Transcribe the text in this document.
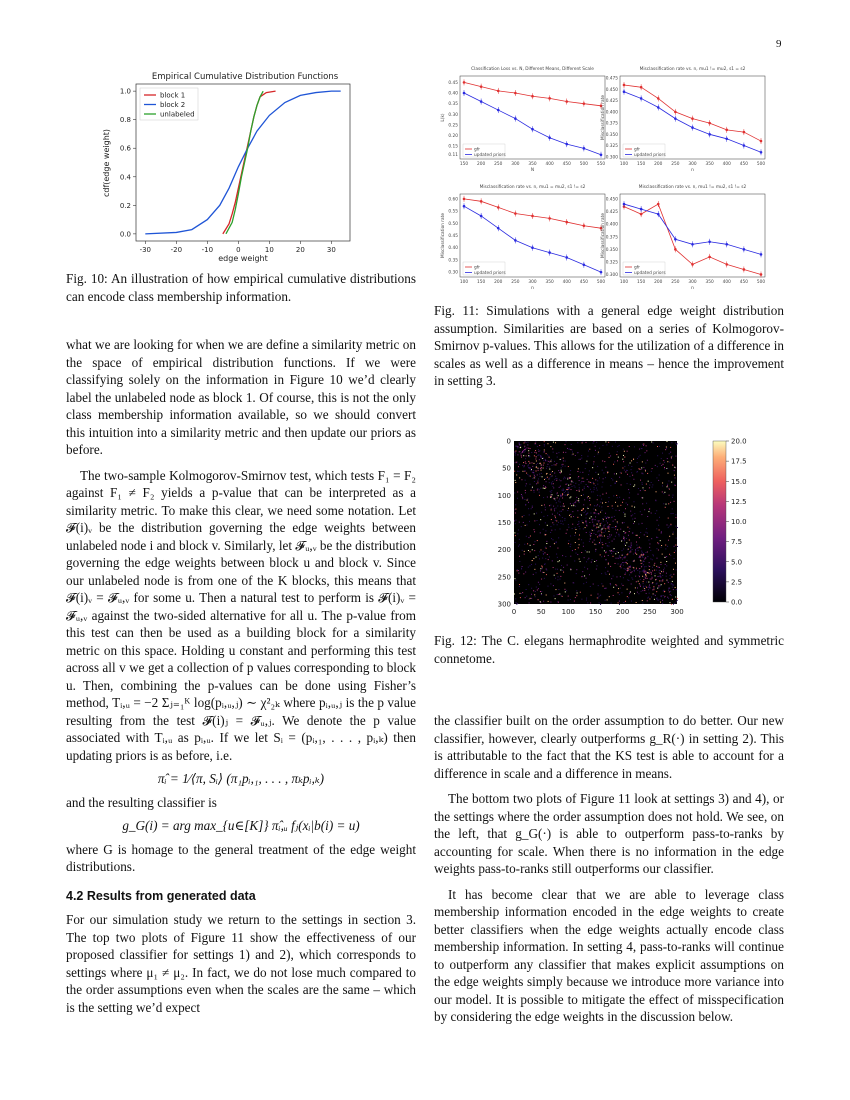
9
Empirical Cumulative Distribution Functions
-30	-20	-10	0	10	20	30
0.0
0.2
0.4
0.6
0.8
1.0	block 1
block 2
unlabeled
edge weight
cdf(edge weight)
Fig. 10: An illustration of how empirical cumulative distributions can encode class membership information.
Classification Loss vs. N, Different Means, Different Scale
150 200 250 300 350 400 450 500 550
0.11
0.15
0.20
0.25
0.30
0.35
0.40
0.45
N
L(k)
gfr
updated priors
Misclassification rate vs. n, mu1 != mu2, s1 = s2
100 150 200 250 300 350 400 450 500
0.300
0.325
0.350
0.375
0.400
0.425
0.450
0.475
n
Misclassification rate
gfr
updated priors
Misclassification rate vs. n, mu1 = mu2, s1 != s2
100 150 200 250 300 350 400 450 500
0.30
0.35
0.40
0.45
0.50
0.55
0.60
n
Misclassification rate
gfr
updated priors
Misclassification rate vs. n, mu1 != mu2, s1 != s2
100 150 200 250 300 350 400 450 500
0.300
0.325
0.350
0.375
0.400
0.425
0.450
n
Misclassification rate
gfr
updated priors
Fig. 11: Simulations with a general edge weight distribution assumption. Similarities are based on a series of Kolmogorov-Smirnov p-values. This allows for the utilization of a difference in scales as well as a difference in means – hence the improvement in setting 3.
0	50 100 150 200 250 300
0
50
100
150
200
250
300
20.0
17.5
15.0
12.5
10.0
7.5
5.0
2.5
0.0
Fig. 12: The C. elegans hermaphrodite weighted and symmetric connetome.

what we are looking for when we are define a similarity metric on the space of empirical distribution functions. If we were classifying solely on the information in Figure 10 we’d clearly label the unlabeled node as block 1. Of course, this is not the only class membership information available, so we should convert this intuition into a similarity metric and then update our priors as before.

The two-sample Kolmogorov-Smirnov test, which tests F₁ = F₂ against F₁ ≠ F₂ yields a p-value that can be interpreted as a similarity metric. To make this clear, we need some notation. Let 𝓕(i)ᵥ be the distribution governing the edge weights between unlabeled node i and block v. Similarly, let 𝓕ᵤ,ᵥ be the distribution governing the edge weights between block u and block v. Since our unlabeled node is from one of the K blocks, this means that 𝓕(i)ᵥ = 𝓕ᵤ,ᵥ for some u. Then a natural test to perform is 𝓕(i)ᵥ = 𝓕ᵤ,ᵥ against the two-sided alternative for all u. The p-value from this test can then be used as a building block for a similarity metric on this space. Holding u constant and performing this test across all v we get a collection of p values corresponding to block u. Then, combining the p-values can be done using Fisher’s method, Tᵢ,ᵤ = −2 Σⱼ₌₁ᴷ log(pᵢ,ᵤ,ⱼ) ∼ χ²₂ₖ where pᵢ,ᵤ,ⱼ is the p value resulting from the test 𝓕(i)ⱼ = 𝓕ᵤ,ⱼ. We denote the p value associated with Tᵢ,ᵤ as pᵢ,ᵤ. If we let Sᵢ = (pᵢ,₁, . . . , pᵢ,ₖ) then updating priors is as before, i.e.

π̂ᵢ = 1⁄⟨π, Sᵢ⟩ (π₁pᵢ,₁, . . . , πₖpᵢ,ₖ)

and the resulting classifier is

g_G(i) = arg max_{u∈[K]} π̂ᵢ,ᵤ fⱼ(xᵢ|b(i) = u)

where G is homage to the general treatment of the edge weight distributions.

4.2 Results from generated data

For our simulation study we return to the settings in section 3. The top two plots of Figure 11 show the effectiveness of our proposed classifier for settings 1) and 2), which corresponds to settings where μ₁ ≠ μ₂. In fact, we do not lose much compared to the order assumptions even when the scales are the same – which is the setting we’d expect

the classifier built on the order assumption to do better. Our new classifier, however, clearly outperforms g_R(·) in setting 2). This is attributable to the fact that the KS test is able to account for a difference in scale and a difference in means.

The bottom two plots of Figure 11 look at settings 3) and 4), or the settings where the order assumption does not hold. We see, on the left, that g_G(·) is able to outperform pass-to-ranks by accounting for scale. When there is no information in the edge weights pass-to-ranks still outperforms our classifier.

It has become clear that we are able to leverage class membership information encoded in the edge weights to create better classifiers when the edge weights actually encode class membership information. In setting 4, pass-to-ranks will continue to outperform any classifier that makes explicit assumptions on the edge weights simply because we introduce more variance into our model. It is possible to mitigate the effect of misspecification by considering the edge weights in the discussion below.
